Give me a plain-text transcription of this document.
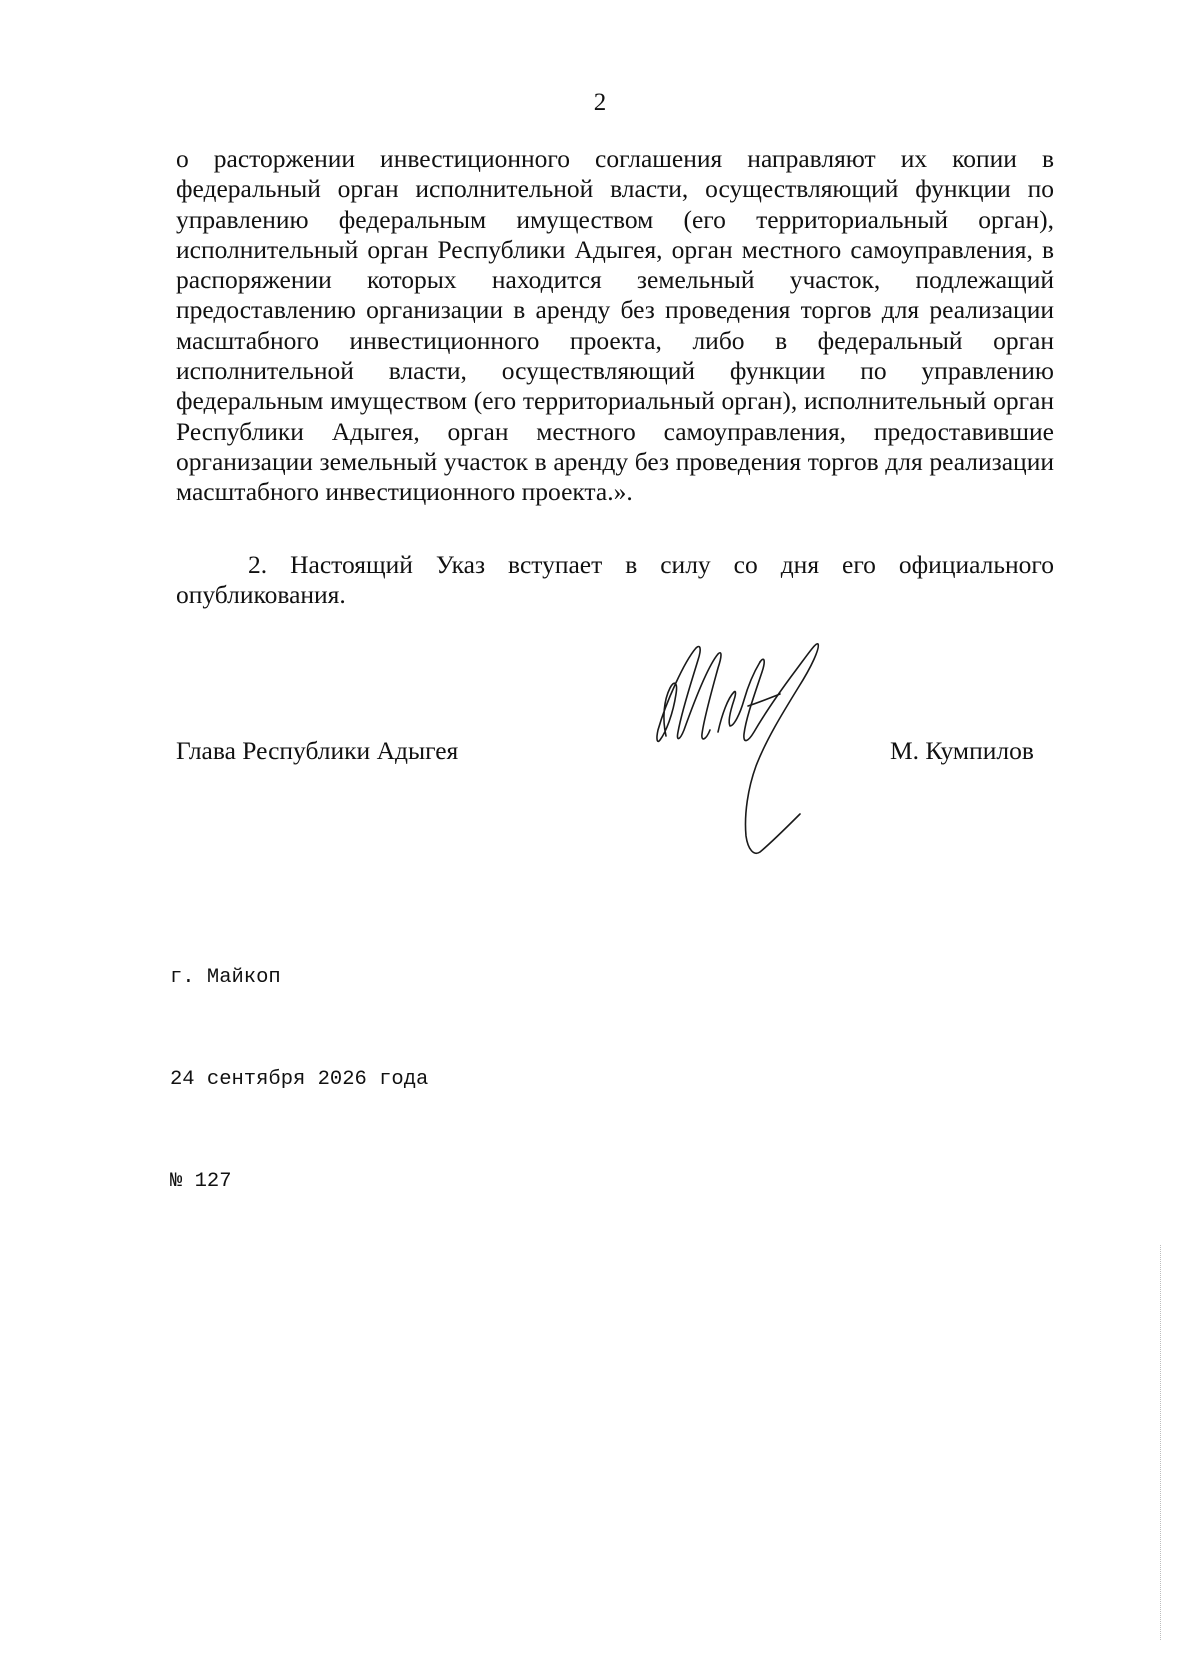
2
о расторжении инвестиционного соглашения направляют их копии в федеральный орган исполнительной власти, осуществляющий функции по управлению федеральным имуществом (его территориальный орган), исполнительный орган Республики Адыгея, орган местного самоуправления, в распоряжении которых находится земельный участок, подлежащий предоставлению организации в аренду без проведения торгов для реализации масштабного инвестиционного проекта, либо в федеральный орган исполнительной власти, осуществляющий функции по управлению федеральным имуществом (его территориальный орган), исполнительный орган Республики Адыгея, орган местного самоуправления, предоставившие организации земельный участок в аренду без проведения торгов для реализации масштабного инвестиционного проекта.».
2. Настоящий Указ вступает в силу со дня его официального опубликования.
Глава Республики Адыгея	М. Кумпилов

г. Майкоп

24 сентября 2026 года

№ 127
